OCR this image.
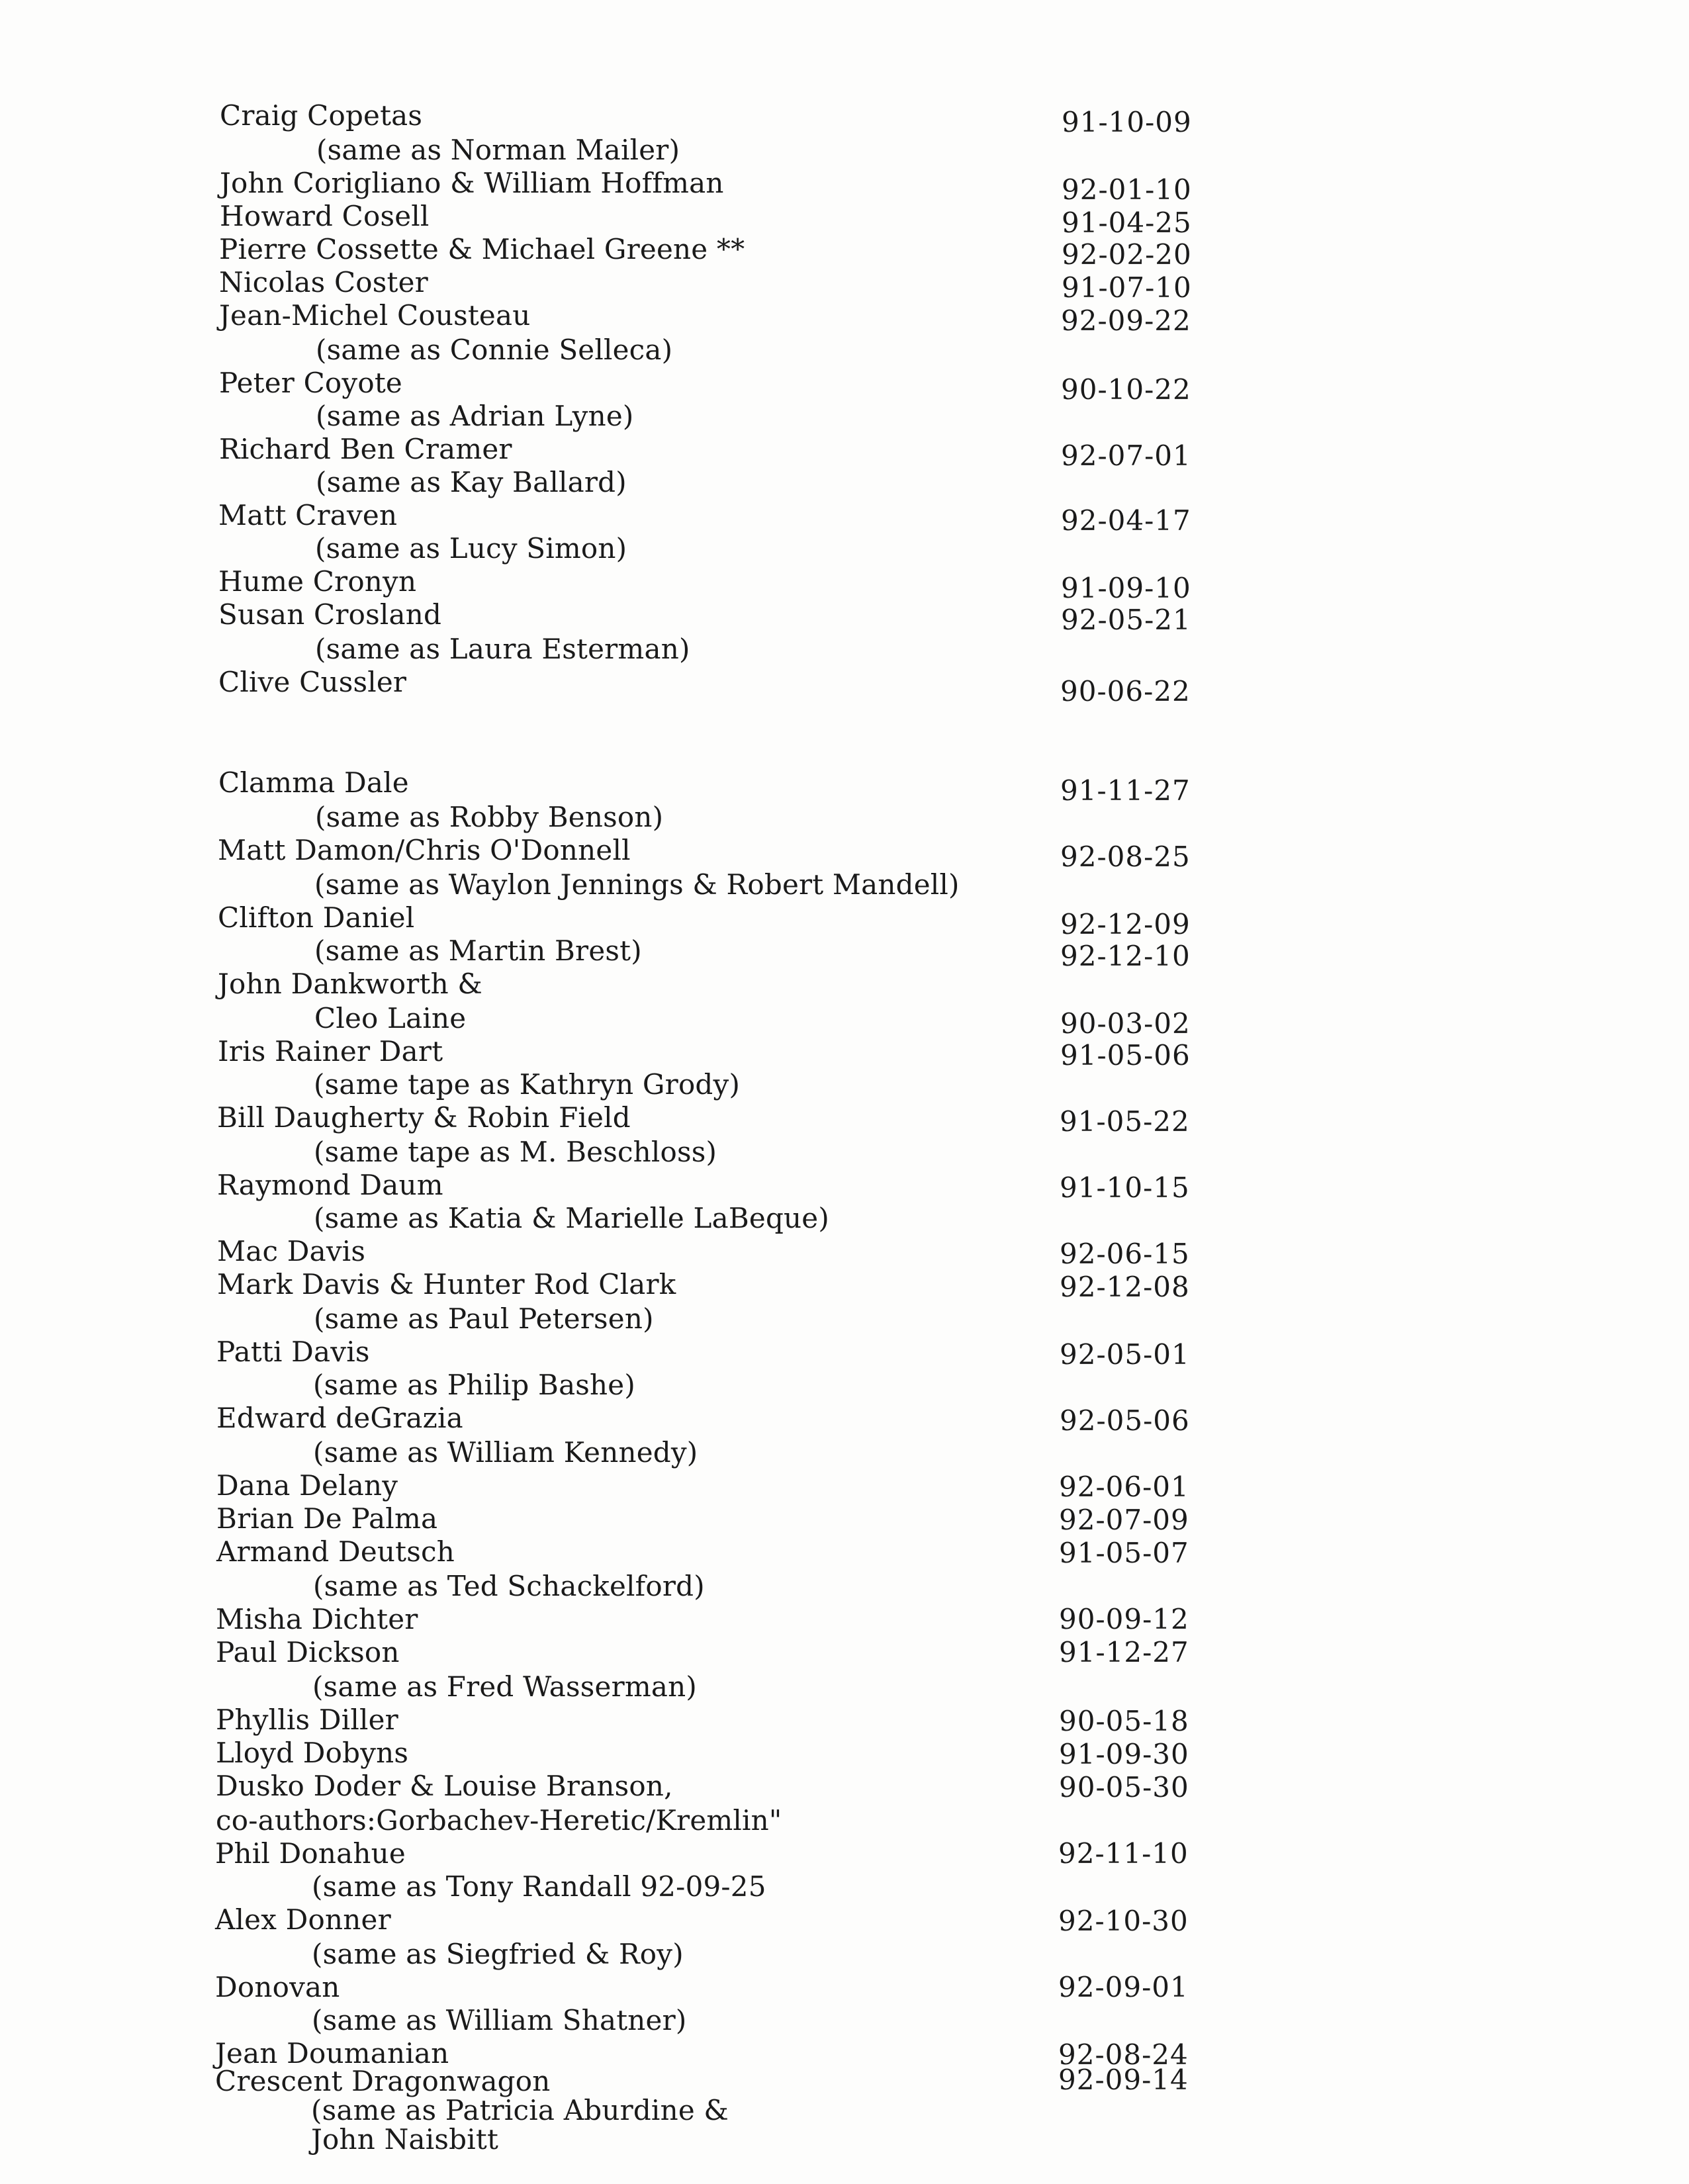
Craig Copetas	91-10-09
(same as Norman Mailer)
John Corigliano & William Hoffman	92-01-10
Howard Cosell	91-04-25
Pierre Cossette & Michael Greene **	92-02-20
Nicolas Coster	91-07-10
Jean-Michel Cousteau	92-09-22
(same as Connie Selleca)
Peter Coyote	90-10-22
(same as Adrian Lyne)
Richard Ben Cramer	92-07-01
(same as Kay Ballard)
Matt Craven	92-04-17
(same as Lucy Simon)
Hume Cronyn	91-09-10
Susan Crosland	92-05-21
(same as Laura Esterman)
Clive Cussler	90-06-22
Clamma Dale	91-11-27
(same as Robby Benson)
Matt Damon/Chris O'Donnell	92-08-25
(same as Waylon Jennings & Robert Mandell)
Clifton Daniel	92-12-09
(same as Martin Brest)	92-12-10
John Dankworth &
Cleo Laine	90-03-02
Iris Rainer Dart	91-05-06
(same tape as Kathryn Grody)
Bill Daugherty & Robin Field	91-05-22
(same tape as M. Beschloss)
Raymond Daum	91-10-15
(same as Katia & Marielle LaBeque)
Mac Davis	92-06-15
Mark Davis & Hunter Rod Clark	92-12-08
(same as Paul Petersen)
Patti Davis	92-05-01
(same as Philip Bashe)
Edward deGrazia	92-05-06
(same as William Kennedy)
Dana Delany	92-06-01
Brian De Palma	92-07-09
Armand Deutsch	91-05-07
(same as Ted Schackelford)
Misha Dichter	90-09-12
Paul Dickson	91-12-27
(same as Fred Wasserman)
Phyllis Diller	90-05-18
Lloyd Dobyns	91-09-30
Dusko Doder & Louise Branson,	90-05-30
co-authors:Gorbachev-Heretic/Kremlin"
Phil Donahue	92-11-10
(same as Tony Randall 92-09-25
Alex Donner	92-10-30
(same as Siegfried & Roy)
Donovan	92-09-01
(same as William Shatner)
Jean Doumanian	92-08-24
Crescent Dragonwagon	92-09-14
(same as Patricia Aburdine &
John Naisbitt
